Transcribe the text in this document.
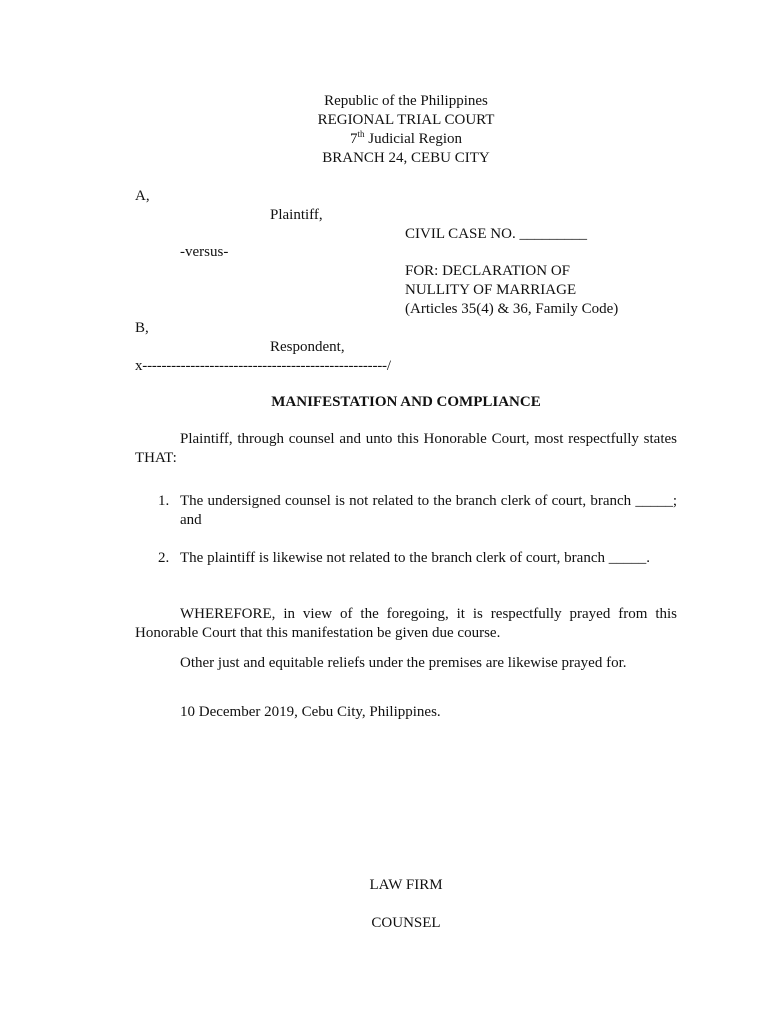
Republic of the Philippines
REGIONAL TRIAL COURT
7th Judicial Region
BRANCH 24, CEBU CITY
A,
Plaintiff,
CIVIL CASE NO. _________
-versus-
FOR: DECLARATION OF
NULLITY OF MARRIAGE
(Articles 35(4) & 36, Family Code)
B,
Respondent,
x---------------------------------------------------/
MANIFESTATION AND COMPLIANCE
Plaintiff, through counsel and unto this Honorable Court, most respectfully states THAT:
1. The undersigned counsel is not related to the branch clerk of court, branch _____; and
2. The plaintiff is likewise not related to the branch clerk of court, branch _____.
WHEREFORE, in view of the foregoing, it is respectfully prayed from this Honorable Court that this manifestation be given due course.
Other just and equitable reliefs under the premises are likewise prayed for.
10 December 2019, Cebu City, Philippines.
LAW FIRM
COUNSEL
